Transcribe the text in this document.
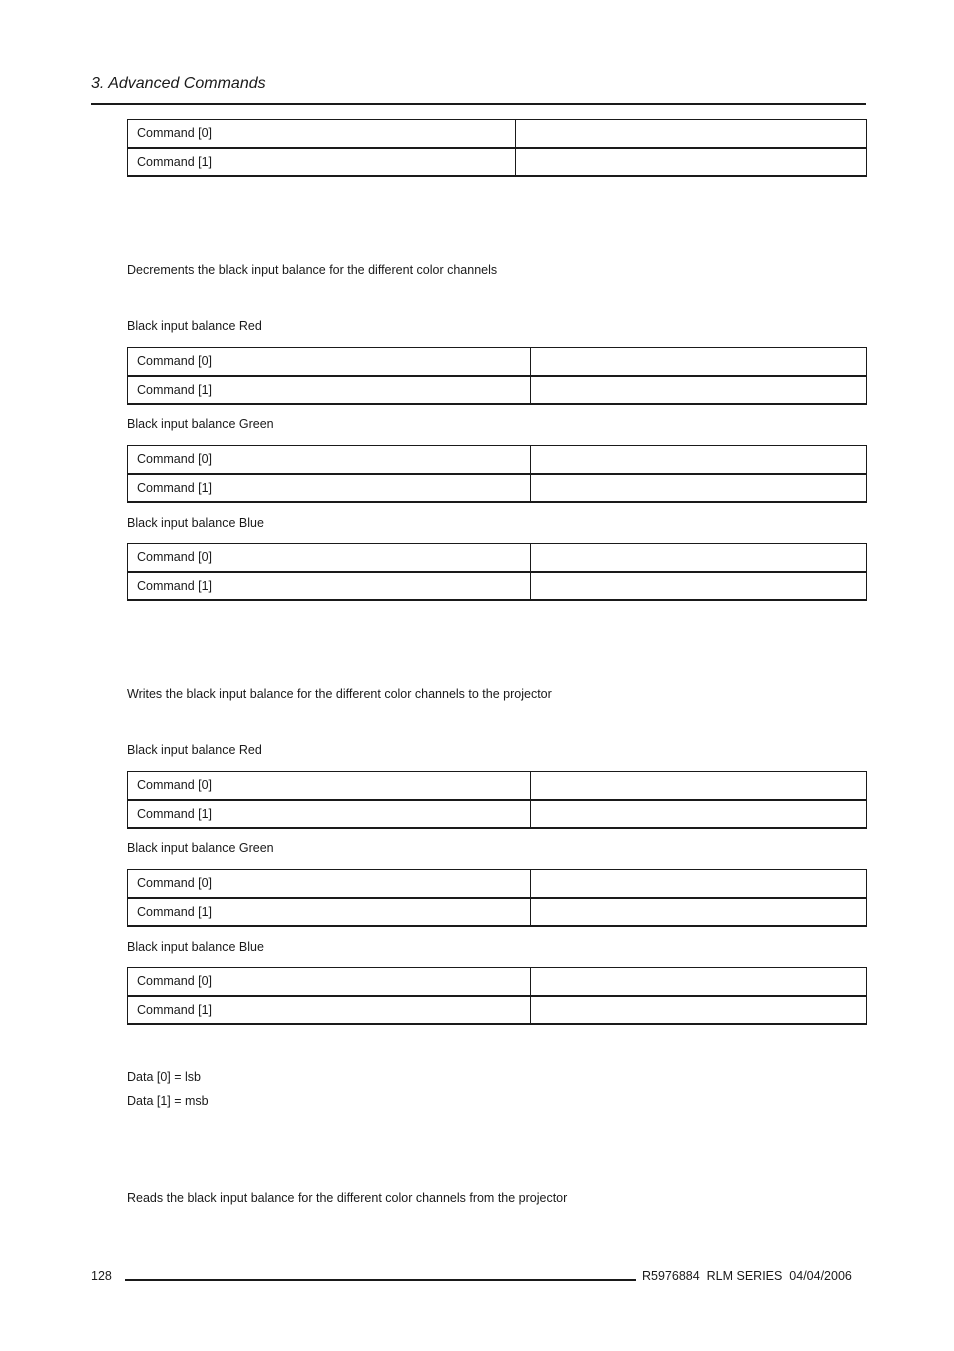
3. Advanced Commands
Command [0]	
Command [1]	
Decrements the black input balance for the different color channels
Black input balance Red
Command [0]	
Command [1]	
Black input balance Green
Command [0]	
Command [1]	
Black input balance Blue
Command [0]	
Command [1]	
Writes the black input balance for the different color channels to the projector
Black input balance Red
Command [0]	
Command [1]	
Black input balance Green
Command [0]	
Command [1]	
Black input balance Blue
Command [0]	
Command [1]	
Data [0] = lsb
Data [1] = msb
Reads the black input balance for the different color channels from the projector
128	R5976884  RLM SERIES  04/04/2006
